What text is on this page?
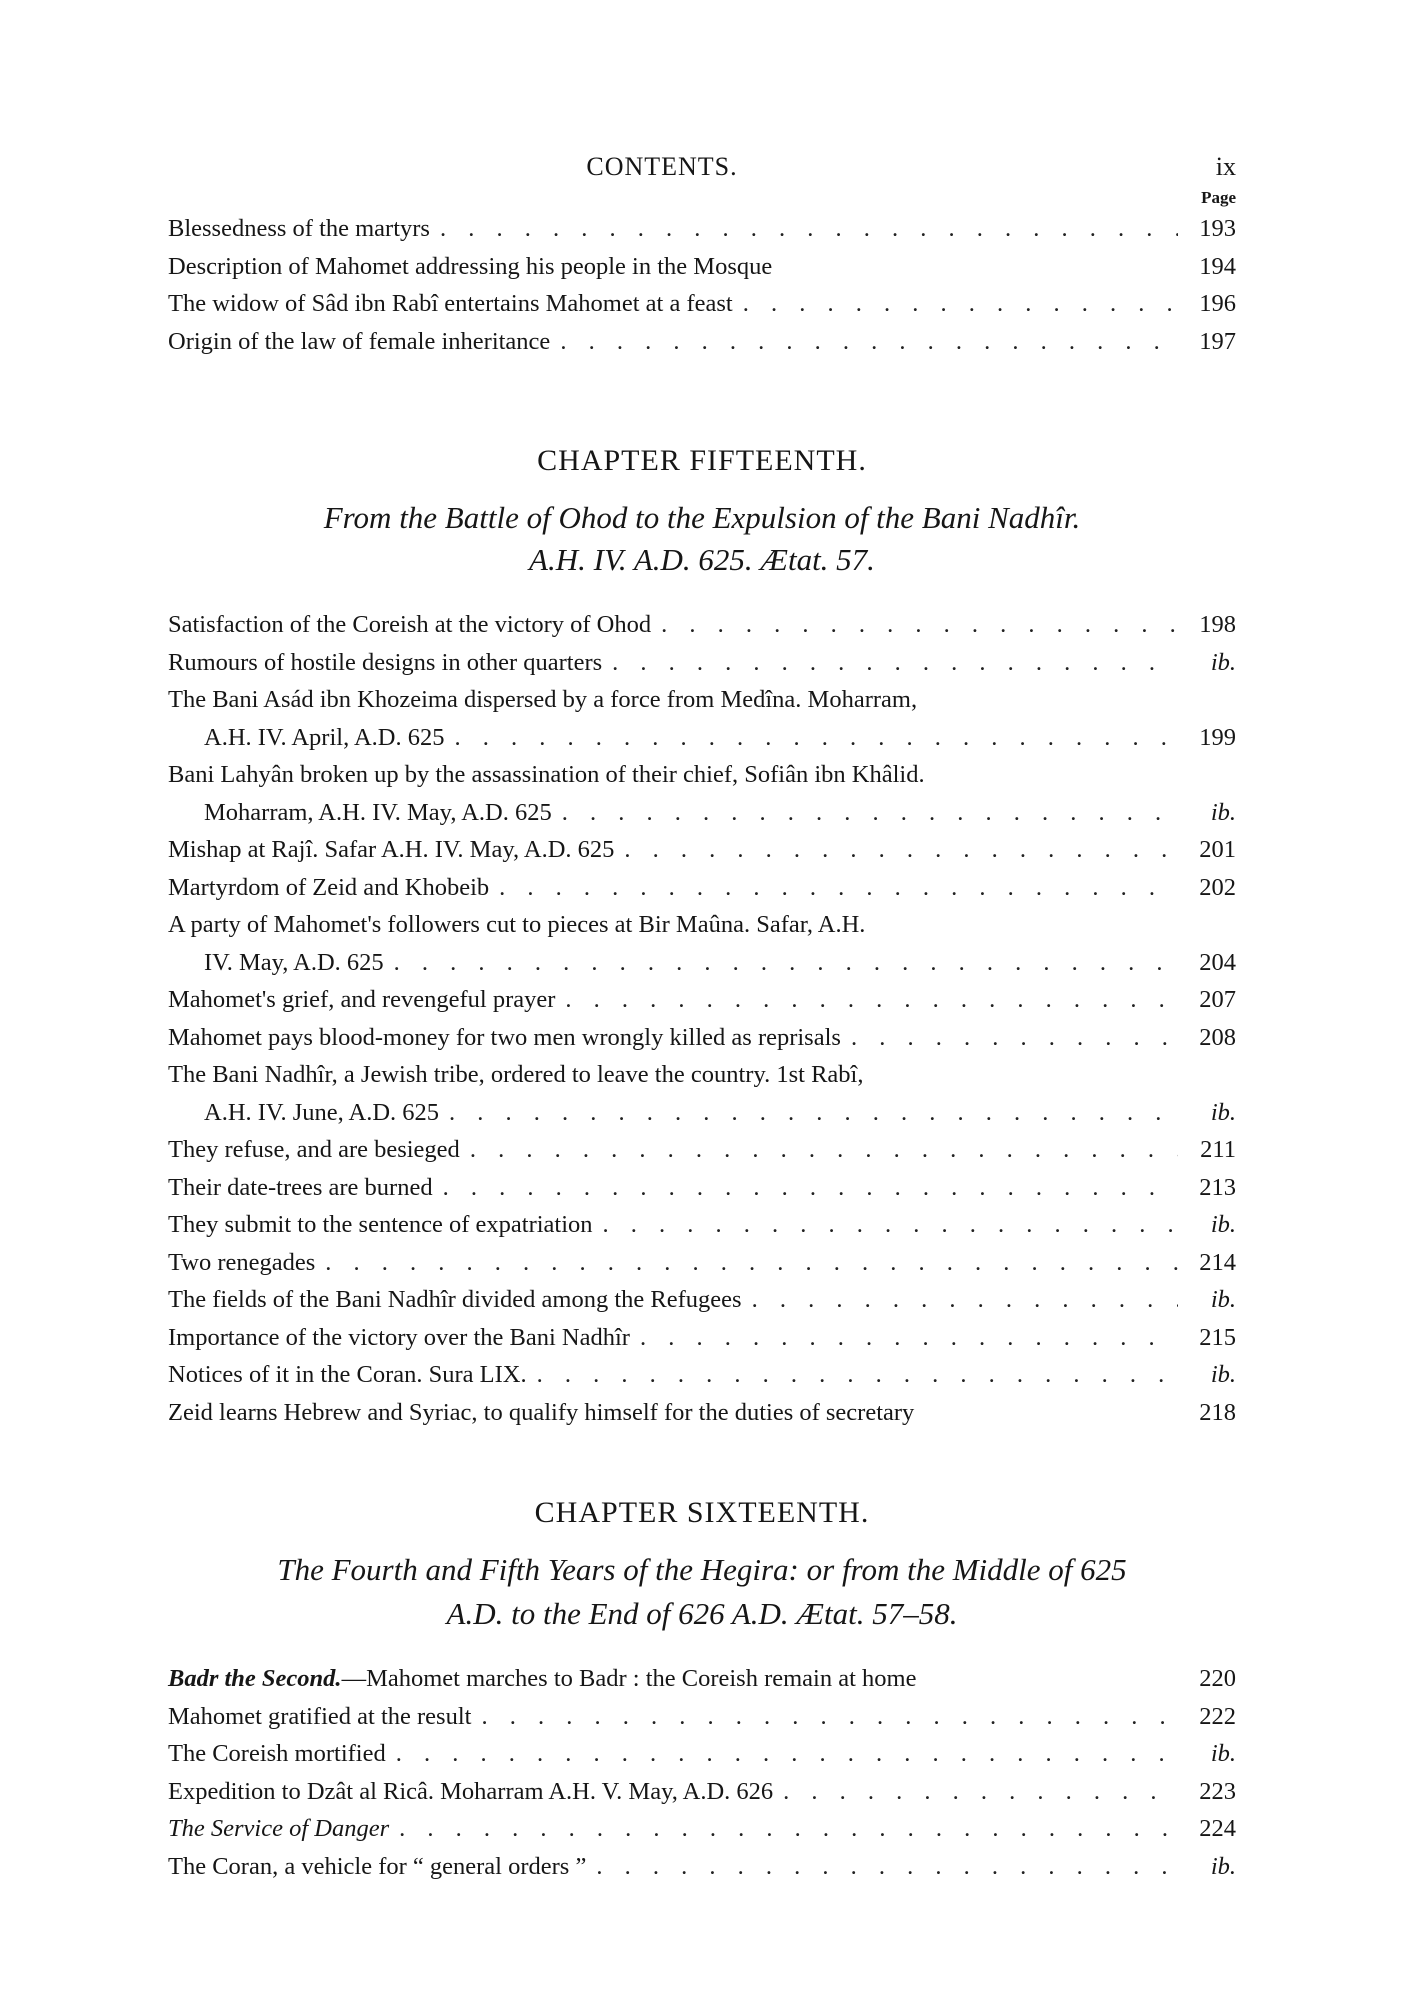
CONTENTS.	ix
Page
Blessedness of the martyrs . . .	193
Description of Mahomet addressing his people in the Mosque	194
The widow of Sâd ibn Rabî entertains Mahomet at a feast . . .	196
Origin of the law of female inheritance . . .	197
CHAPTER FIFTEENTH.
From the Battle of Ohod to the Expulsion of the Bani Nadhîr.
A.H. IV. A.D. 625. Ætat. 57.
Satisfaction of the Coreish at the victory of Ohod . . .	198
Rumours of hostile designs in other quarters . . .	ib.
The Bani Asád ibn Khozeima dispersed by a force from Medîna. Moharram,
A.H. IV. April, A.D. 625 . . .	199
Bani Lahyân broken up by the assassination of their chief, Sofiân ibn Khâlid.
Moharram, A.H. IV. May, A.D. 625 . . .	ib.
Mishap at Rajî. Safar A.H. IV. May, A.D. 625 . . .	201
Martyrdom of Zeid and Khobeib . . .	202
A party of Mahomet's followers cut to pieces at Bir Maûna. Safar, A.H.
IV. May, A.D. 625 . . .	204
Mahomet's grief, and revengeful prayer . . .	207
Mahomet pays blood-money for two men wrongly killed as reprisals . . .	208
The Bani Nadhîr, a Jewish tribe, ordered to leave the country. 1st Rabî,
A.H. IV. June, A.D. 625 . . .	ib.
They refuse, and are besieged . . .	211
Their date-trees are burned . . .	213
They submit to the sentence of expatriation . . .	ib.
Two renegades . . .	214
The fields of the Bani Nadhîr divided among the Refugees . . .	ib.
Importance of the victory over the Bani Nadhîr . . .	215
Notices of it in the Coran. Sura LIX. . . .	ib.
Zeid learns Hebrew and Syriac, to qualify himself for the duties of secretary	218
CHAPTER SIXTEENTH.
The Fourth and Fifth Years of the Hegira: or from the Middle of 625
A.D. to the End of 626 A.D. Ætat. 57–58.
Badr the Second.—Mahomet marches to Badr : the Coreish remain at home	220
Mahomet gratified at the result . . .	222
The Coreish mortified . . .	ib.
Expedition to Dzât al Ricâ. Moharram A.H. V. May, A.D. 626 . . .	223
The Service of Danger . . .	224
The Coran, a vehicle for “ general orders ” . . .	ib.
